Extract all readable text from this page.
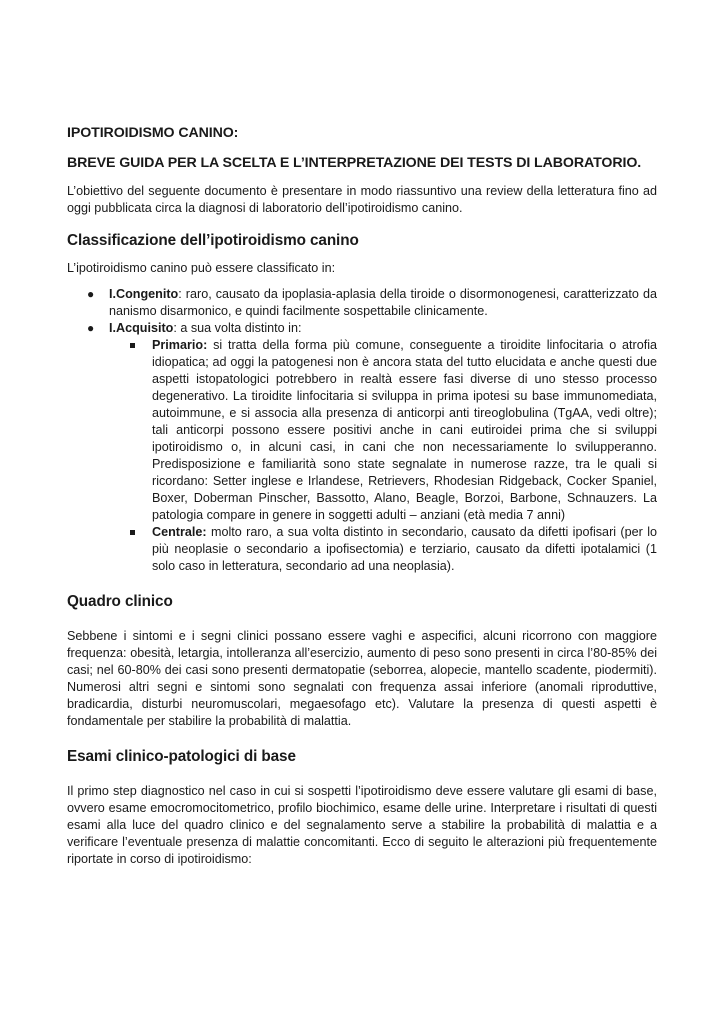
IPOTIROIDISMO CANINO:

BREVE GUIDA PER LA SCELTA E L’INTERPRETAZIONE DEI TESTS DI LABORATORIO.

L’obiettivo del seguente documento è presentare in modo riassuntivo una review della letteratura fino ad oggi pubblicata circa la diagnosi di laboratorio dell’ipotiroidismo canino.

Classificazione dell’ipotiroidismo canino

L’ipotiroidismo canino può essere classificato in:

● I.Congenito: raro, causato da ipoplasia-aplasia della tiroide o disormonogenesi, caratterizzato da nanismo disarmonico, e quindi facilmente sospettabile clinicamente.
● I.Acquisito: a sua volta distinto in:
Primario: si tratta della forma più comune, conseguente a tiroidite linfocitaria o atrofia idiopatica; ad oggi la patogenesi non è ancora stata del tutto elucidata e anche questi due aspetti istopatologici potrebbero in realtà essere fasi diverse di uno stesso processo degenerativo. La tiroidite linfocitaria si sviluppa in prima ipotesi su base immunomediata, autoimmune, e si associa alla presenza di anticorpi anti tireoglobulina (TgAA, vedi oltre); tali anticorpi possono essere positivi anche in cani eutiroidei prima che si sviluppi ipotiroidismo o, in alcuni casi, in cani che non necessariamente lo svilupperanno. Predisposizione e familiarità sono state segnalate in numerose razze, tra le quali si ricordano: Setter inglese e Irlandese, Retrievers, Rhodesian Ridgeback, Cocker Spaniel, Boxer, Doberman Pinscher, Bassotto, Alano, Beagle, Borzoi, Barbone, Schnauzers. La patologia compare in genere in soggetti adulti – anziani (età media 7 anni)
Centrale: molto raro, a sua volta distinto in secondario, causato da difetti ipofisari (per lo più neoplasie o secondario a ipofisectomia) e terziario, causato da difetti ipotalamici (1 solo caso in letteratura, secondario ad una neoplasia).
Quadro clinico

Sebbene i sintomi e i segni clinici possano essere vaghi e aspecifici, alcuni ricorrono con maggiore frequenza: obesità, letargia, intolleranza all’esercizio, aumento di peso sono presenti in circa l’80-85% dei casi; nel 60-80% dei casi sono presenti dermatopatie (seborrea, alopecie, mantello scadente, piodermiti). Numerosi altri segni e sintomi sono segnalati con frequenza assai inferiore (anomali riproduttive, bradicardia, disturbi neuromuscolari, megaesofago etc). Valutare la presenza di questi aspetti è fondamentale per stabilire la probabilità di malattia.

Esami clinico-patologici di base

Il primo step diagnostico nel caso in cui si sospetti l’ipotiroidismo deve essere valutare gli esami di base, ovvero esame emocromocitometrico, profilo biochimico, esame delle urine. Interpretare i risultati di questi esami alla luce del quadro clinico e del segnalamento serve a stabilire la probabilità di malattia e a verificare l’eventuale presenza di malattie concomitanti. Ecco di seguito le alterazioni più frequentemente riportate in corso di ipotiroidismo:
